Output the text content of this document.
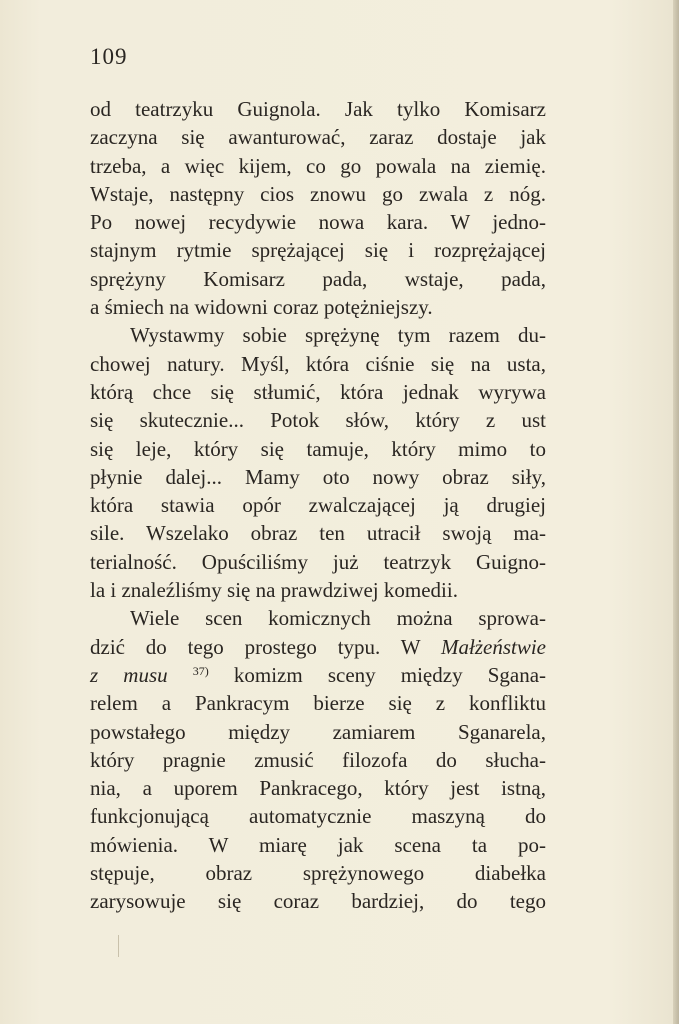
109
od teatrzyku Guignola. Jak tylko Komisarz
zaczyna się awanturować, zaraz dostaje jak
trzeba, a więc kijem, co go powala na ziemię.
Wstaje, następny cios znowu go zwala z nóg.
Po nowej recydywie nowa kara. W jedno-
stajnym rytmie sprężającej się i rozprężającej
sprężyny Komisarz pada, wstaje, pada,
a śmiech na widowni coraz potężniejszy.
Wystawmy sobie sprężynę tym razem du-
chowej natury. Myśl, która ciśnie się na usta,
którą chce się stłumić, która jednak wyrywa
się skutecznie... Potok słów, który z ust
się leje, który się tamuje, który mimo to
płynie dalej... Mamy oto nowy obraz siły,
która stawia opór zwalczającej ją drugiej
sile. Wszelako obraz ten utracił swoją ma-
terialność. Opuściliśmy już teatrzyk Guigno-
la i znaleźliśmy się na prawdziwej komedii.
Wiele scen komicznych można sprowa-
dzić do tego prostego typu. W Małżeństwie
z musu $^{37)}$ komizm sceny między Sgana-
relem a Pankracym bierze się z konfliktu
powstałego między zamiarem Sganarela,
który pragnie zmusić filozofa do słucha-
nia, a uporem Pankracego, który jest istną,
funkcjonującą automatycznie maszyną do
mówienia. W miarę jak scena ta po-
stępuje, obraz sprężynowego diabełka
zarysowuje się coraz bardziej, do tego
